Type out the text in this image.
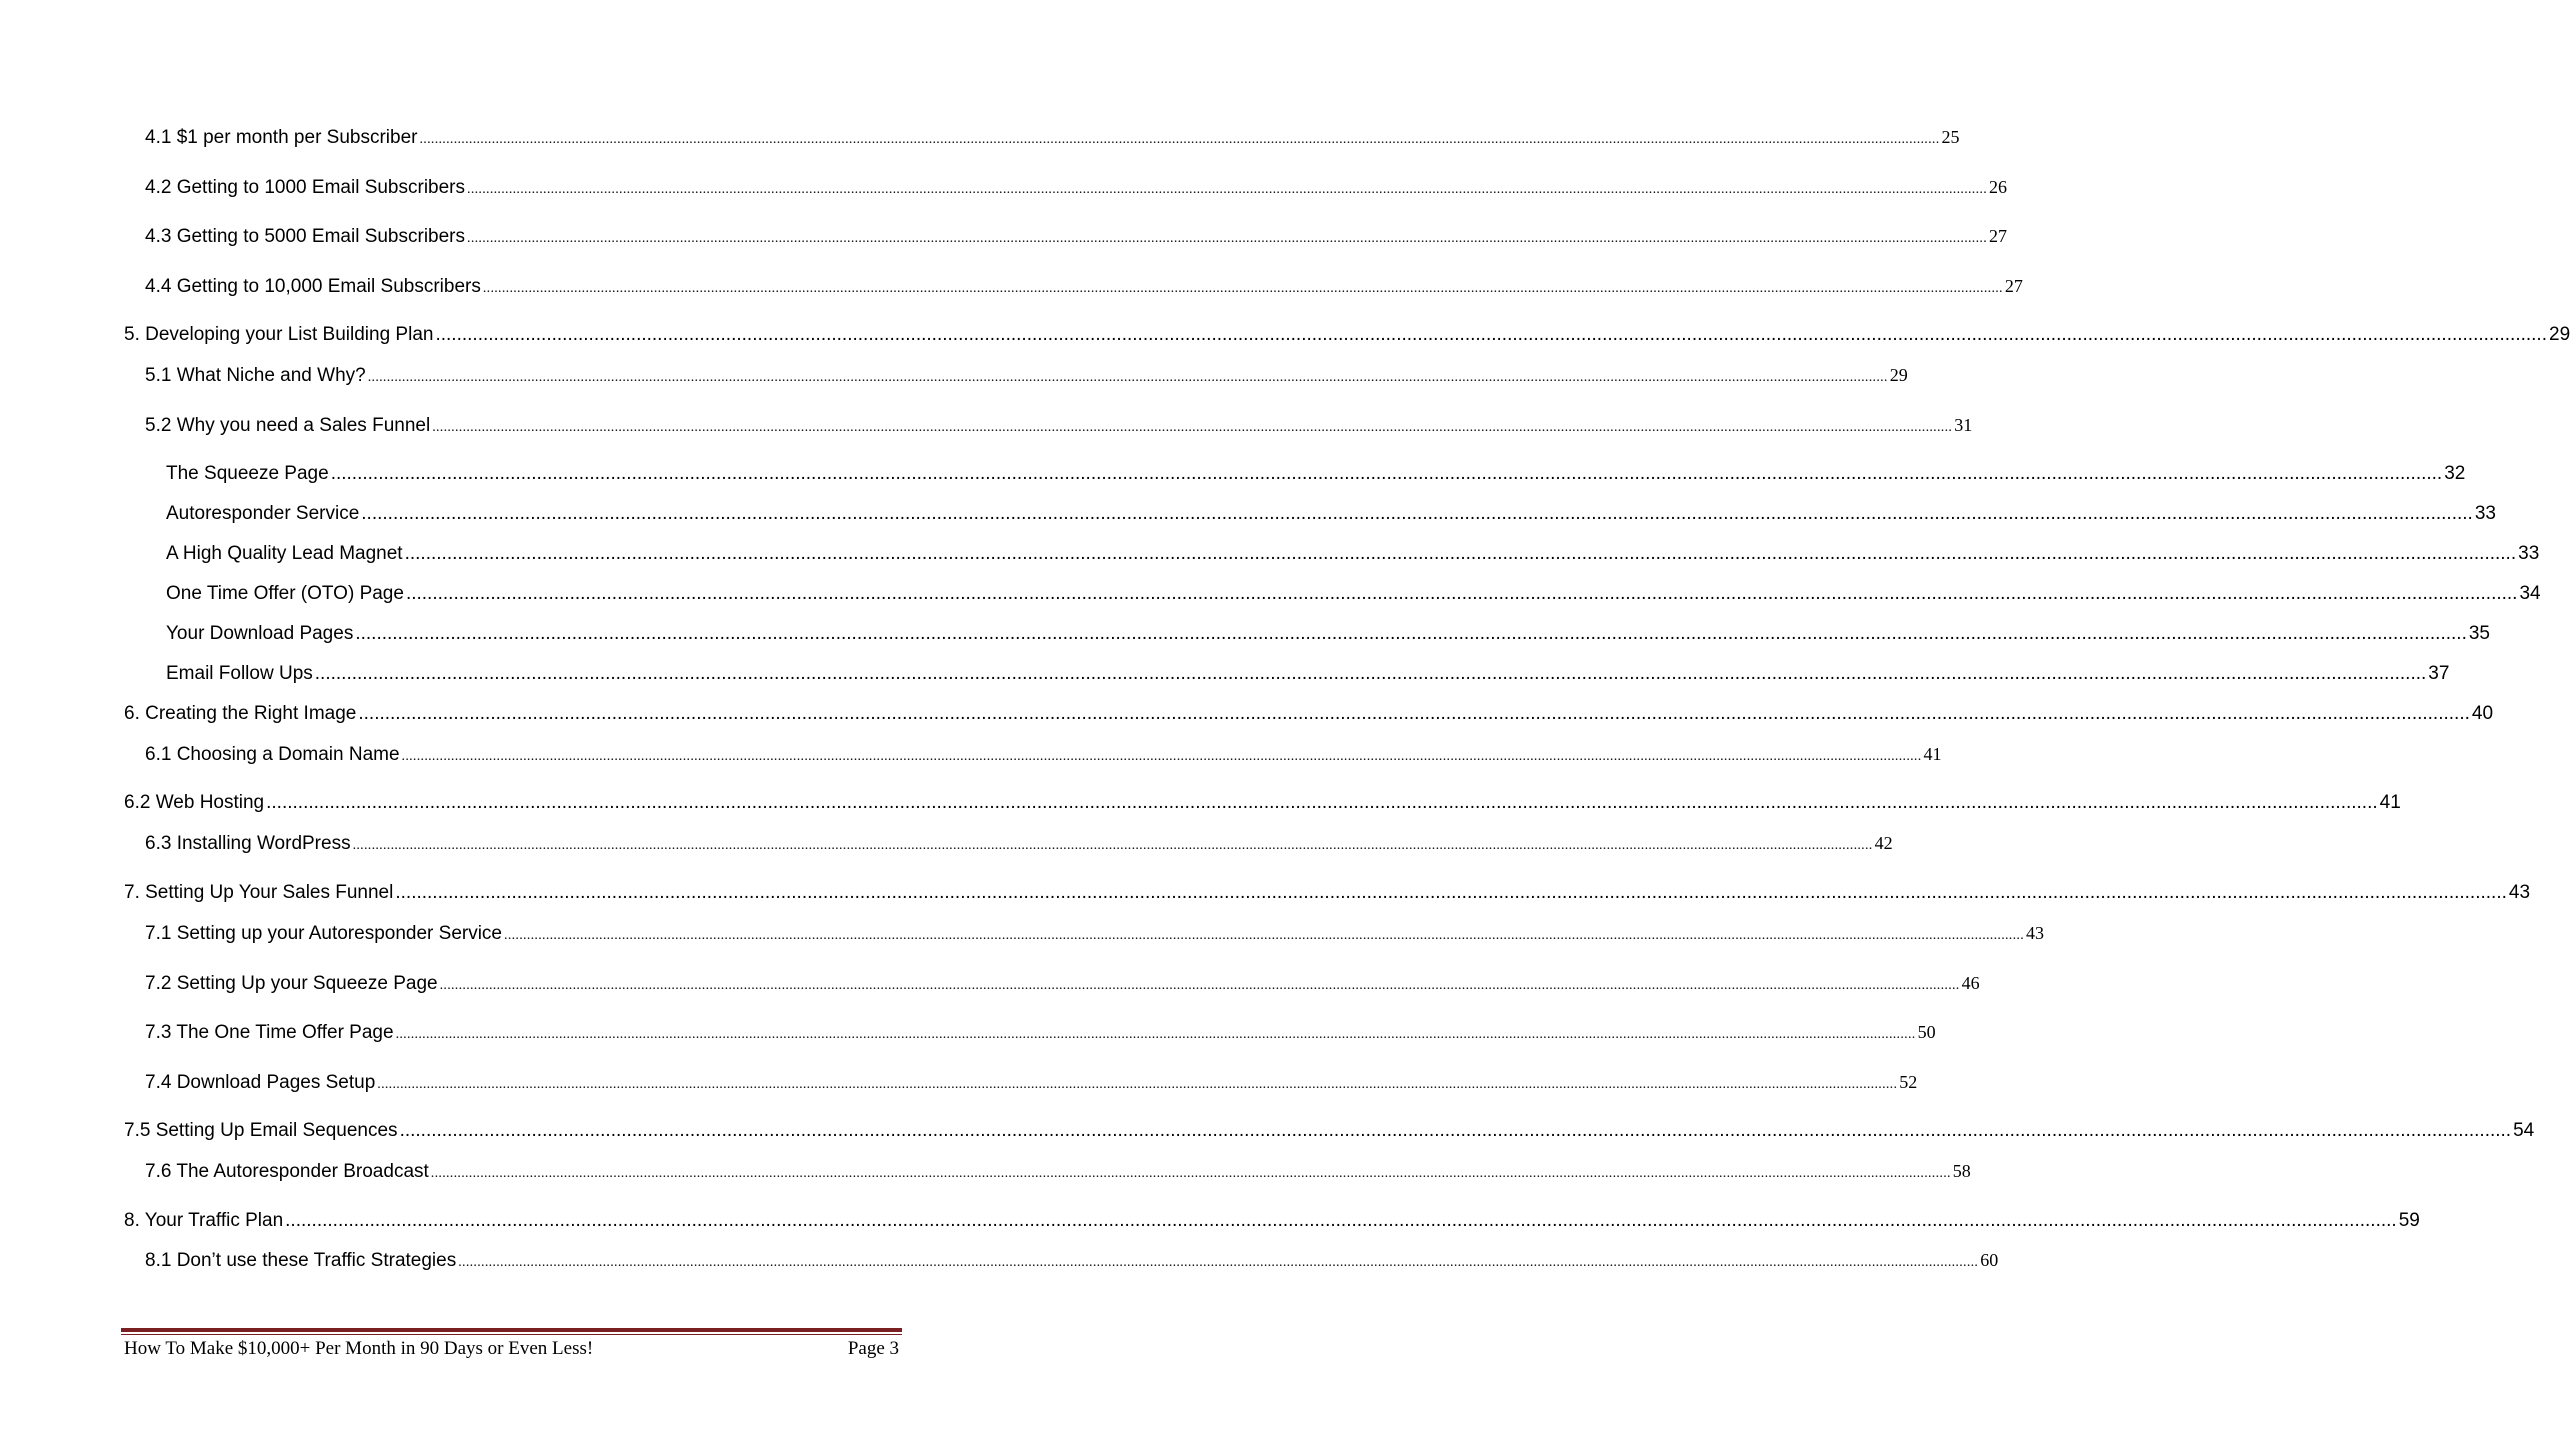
4.1 $1 per month per Subscriber ................................................................................................................................................................................................................................................................................................................................................................................................................ 25
4.2 Getting to 1000 Email Subscribers ................................................................................................................................................................................................................................................................................................................................................................................................................ 26
4.3 Getting to 5000 Email Subscribers ................................................................................................................................................................................................................................................................................................................................................................................................................ 27
4.4 Getting to 10,000 Email Subscribers ................................................................................................................................................................................................................................................................................................................................................................................................................ 27
5. Developing your List Building Plan ................................................................................................................................................................................................................................................................................................................................................................................................................ 29
5.1 What Niche and Why? ................................................................................................................................................................................................................................................................................................................................................................................................................ 29
5.2 Why you need a Sales Funnel ................................................................................................................................................................................................................................................................................................................................................................................................................ 31
The Squeeze Page ................................................................................................................................................................................................................................................................................................................................................................................................................ 32
Autoresponder Service ................................................................................................................................................................................................................................................................................................................................................................................................................ 33
A High Quality Lead Magnet ................................................................................................................................................................................................................................................................................................................................................................................................................ 33
One Time Offer (OTO) Page ................................................................................................................................................................................................................................................................................................................................................................................................................ 34
Your Download Pages ................................................................................................................................................................................................................................................................................................................................................................................................................ 35
Email Follow Ups ................................................................................................................................................................................................................................................................................................................................................................................................................ 37
6. Creating the Right Image ................................................................................................................................................................................................................................................................................................................................................................................................................ 40
6.1 Choosing a Domain Name ................................................................................................................................................................................................................................................................................................................................................................................................................ 41
6.2 Web Hosting ................................................................................................................................................................................................................................................................................................................................................................................................................ 41
6.3 Installing WordPress ................................................................................................................................................................................................................................................................................................................................................................................................................ 42
7. Setting Up Your Sales Funnel ................................................................................................................................................................................................................................................................................................................................................................................................................ 43
7.1 Setting up your Autoresponder Service ................................................................................................................................................................................................................................................................................................................................................................................................................ 43
7.2 Setting Up your Squeeze Page ................................................................................................................................................................................................................................................................................................................................................................................................................ 46
7.3 The One Time Offer Page ................................................................................................................................................................................................................................................................................................................................................................................................................ 50
7.4 Download Pages Setup ................................................................................................................................................................................................................................................................................................................................................................................................................ 52
7.5 Setting Up Email Sequences ................................................................................................................................................................................................................................................................................................................................................................................................................ 54
7.6 The Autoresponder Broadcast ................................................................................................................................................................................................................................................................................................................................................................................................................ 58
8. Your Traffic Plan ................................................................................................................................................................................................................................................................................................................................................................................................................ 59
8.1 Don’t use these Traffic Strategies ................................................................................................................................................................................................................................................................................................................................................................................................................ 60
How To Make $10,000+ Per Month in 90 Days or Even Less!	Page 3
